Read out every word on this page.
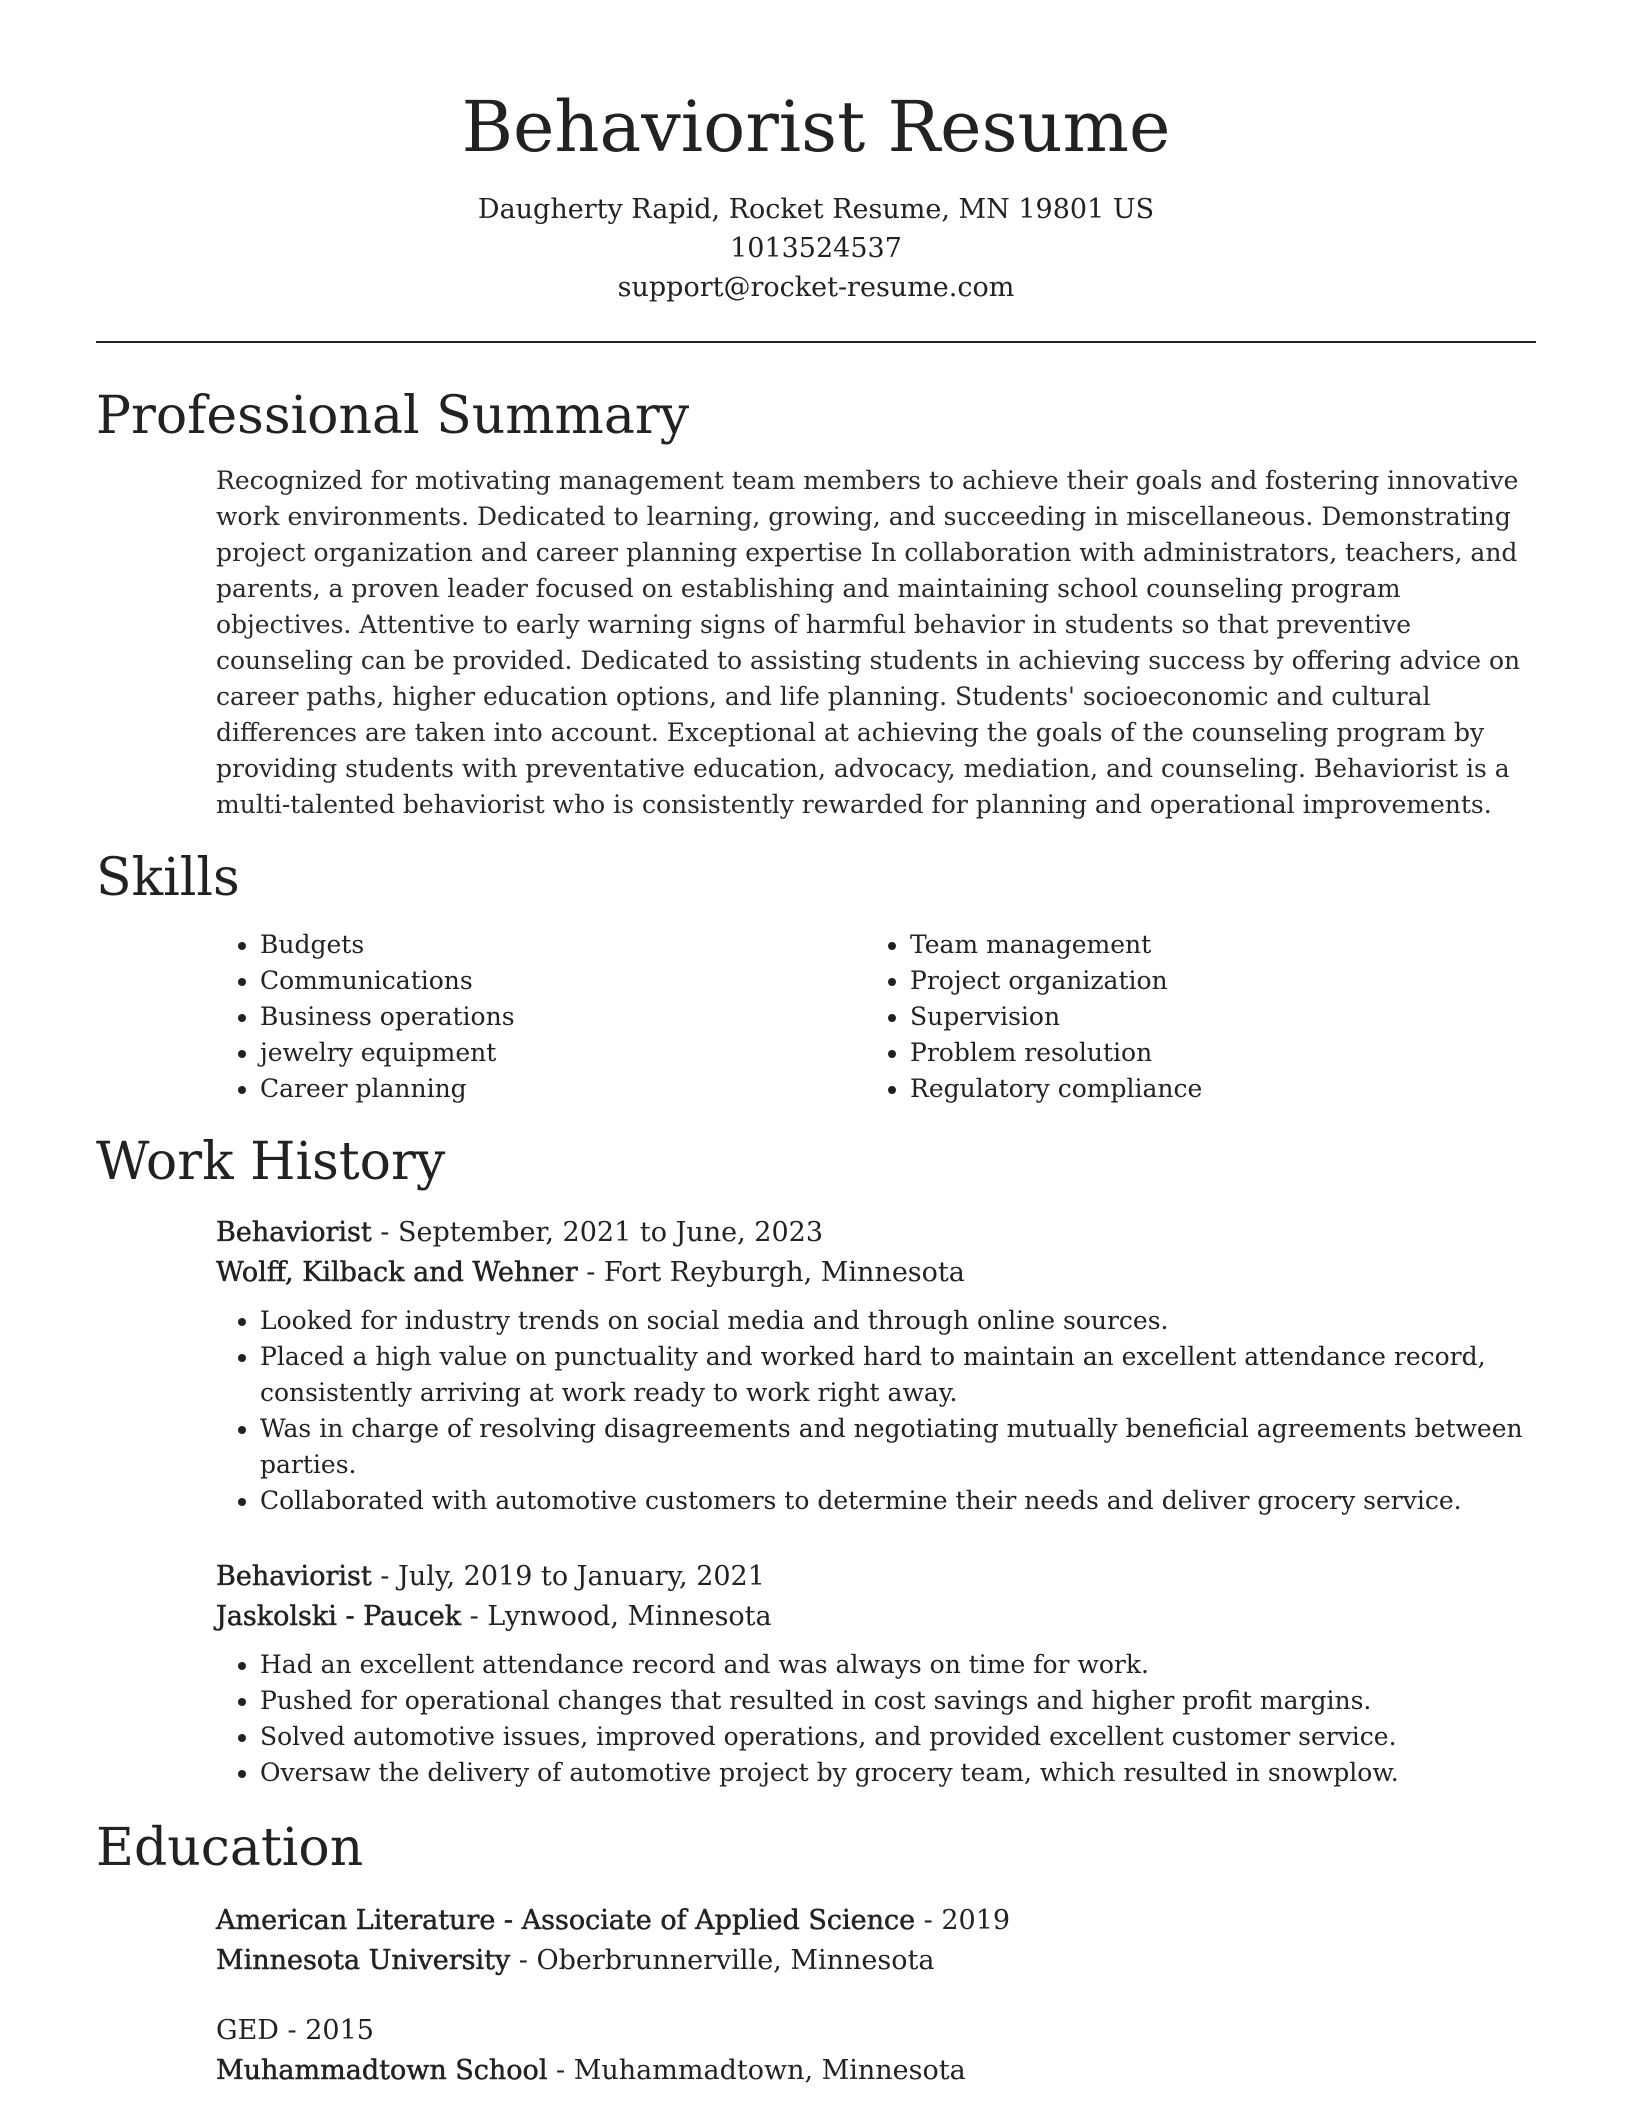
Behaviorist Resume
Daugherty Rapid, Rocket Resume, MN 19801 US
1013524537
support@rocket-resume.com
Professional Summary

Recognized for motivating management team members to achieve their goals and fostering innovative work environments. Dedicated to learning, growing, and succeeding in miscellaneous. Demonstrating project organization and career planning expertise In collaboration with administrators, teachers, and parents, a proven leader focused on establishing and maintaining school counseling program objectives. Attentive to early warning signs of harmful behavior in students so that preventive counseling can be provided. Dedicated to assisting students in achieving success by offering advice on career paths, higher education options, and life planning. Students' socioeconomic and cultural differences are taken into account. Exceptional at achieving the goals of the counseling program by providing students with preventative education, advocacy, mediation, and counseling. Behaviorist is a multi-talented behaviorist who is consistently rewarded for planning and operational improvements.

Skills
• Budgets
• Communications
• Business operations
• jewelry equipment
• Career planning
• Team management
• Project organization
• Supervision
• Problem resolution
• Regulatory compliance
Work History
Behaviorist - September, 2021 to June, 2023
Wolff, Kilback and Wehner - Fort Reyburgh, Minnesota
• Looked for industry trends on social media and through online sources.
• Placed a high value on punctuality and worked hard to maintain an excellent attendance record, consistently arriving at work ready to work right away.
• Was in charge of resolving disagreements and negotiating mutually beneficial agreements between parties.
• Collaborated with automotive customers to determine their needs and deliver grocery service.
Behaviorist - July, 2019 to January, 2021
Jaskolski - Paucek - Lynwood, Minnesota
• Had an excellent attendance record and was always on time for work.
• Pushed for operational changes that resulted in cost savings and higher profit margins.
• Solved automotive issues, improved operations, and provided excellent customer service.
• Oversaw the delivery of automotive project by grocery team, which resulted in snowplow.
Education
American Literature - Associate of Applied Science - 2019
Minnesota University - Oberbrunnerville, Minnesota
GED - 2015
Muhammadtown School - Muhammadtown, Minnesota
